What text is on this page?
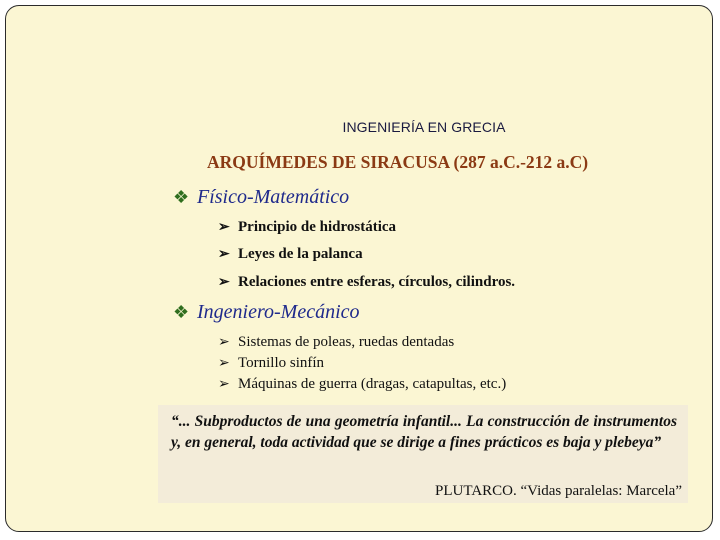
INGENIERÍA EN GRECIA
ARQUÍMEDES DE SIRACUSA (287 a.C.-212 a.C)
❖ Físico-Matemático
➢ Principio de hidrostática
➢ Leyes de la palanca
➢ Relaciones entre esferas, círculos, cilindros.
❖ Ingeniero-Mecánico
➢ Sistemas de poleas, ruedas dentadas
➢ Tornillo sinfín
➢ Máquinas de guerra (dragas, catapultas, etc.)
“... Subproductos de una geometría infantil... La construcción de instrumentos y, en general, toda actividad que se dirige a fines prácticos es baja y plebeya”
PLUTARCO. “Vidas paralelas: Marcela”
